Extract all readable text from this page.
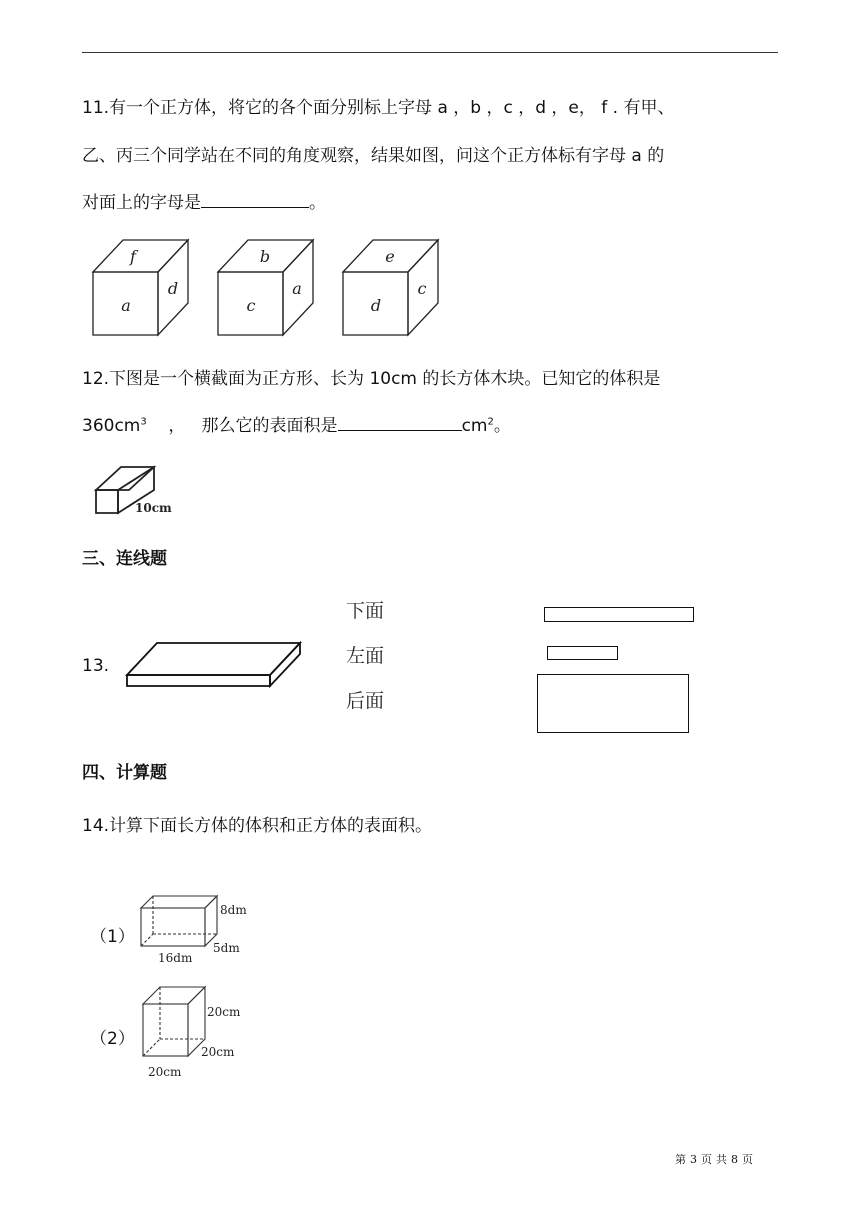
11.有一个正方体，将它的各个面分别标上字母 a ，b ，c ，d ，e， f . 有甲、
乙、丙三个同学站在不同的角度观察，结果如图，问这个正方体标有字母 a 的
对面上的字母是	。
f
a
d
b
c
a
e
d
c
12.下图是一个横截面为正方形、长为 10cm 的长方体木块。已知它的体积是
$360cm^3$    ，   那么它的表面积是	$cm^2$。
10cm
三、连线题
13.
下面
左面
后面
四、计算题
14.计算下面长方体的体积和正方体的表面积。
（1）
8dm
5dm
16dm
（2）
20cm
20cm
20cm
第 3 页 共 8 页
